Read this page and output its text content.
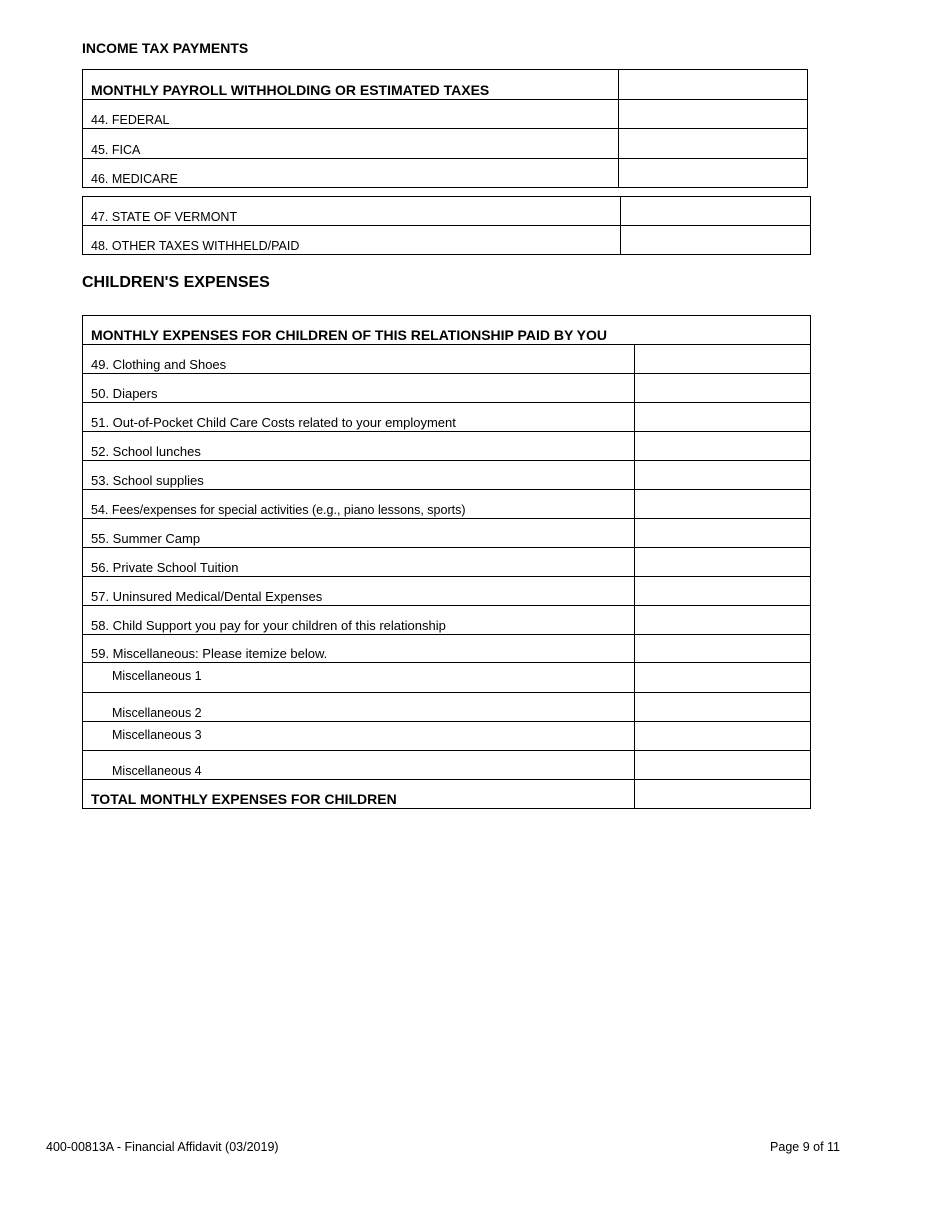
INCOME TAX PAYMENTS
MONTHLY PAYROLL WITHHOLDING OR ESTIMATED TAXES	
44. FEDERAL	

45. FICA	

46. MEDICARE	
47. STATE OF VERMONT	

48. OTHER TAXES WITHHELD/PAID	
CHILDREN'S EXPENSES
MONTHLY EXPENSES FOR CHILDREN OF THIS RELATIONSHIP PAID BY YOU	
49. Clothing and Shoes	

50. Diapers	

51. Out-of-Pocket Child Care Costs related to your employment	

52. School lunches	

53. School supplies	

54. Fees/expenses for special activities (e.g., piano lessons, sports)	

55. Summer Camp	

56. Private School Tuition	

57. Uninsured Medical/Dental Expenses	

58. Child Support you pay for your children of this relationship	

59. Miscellaneous: Please itemize below.	

Miscellaneous 1	

Miscellaneous 2	

Miscellaneous 3	

Miscellaneous 4	

TOTAL MONTHLY EXPENSES FOR CHILDREN	
400-00813A - Financial Affidavit (03/2019)	Page 9 of 11
